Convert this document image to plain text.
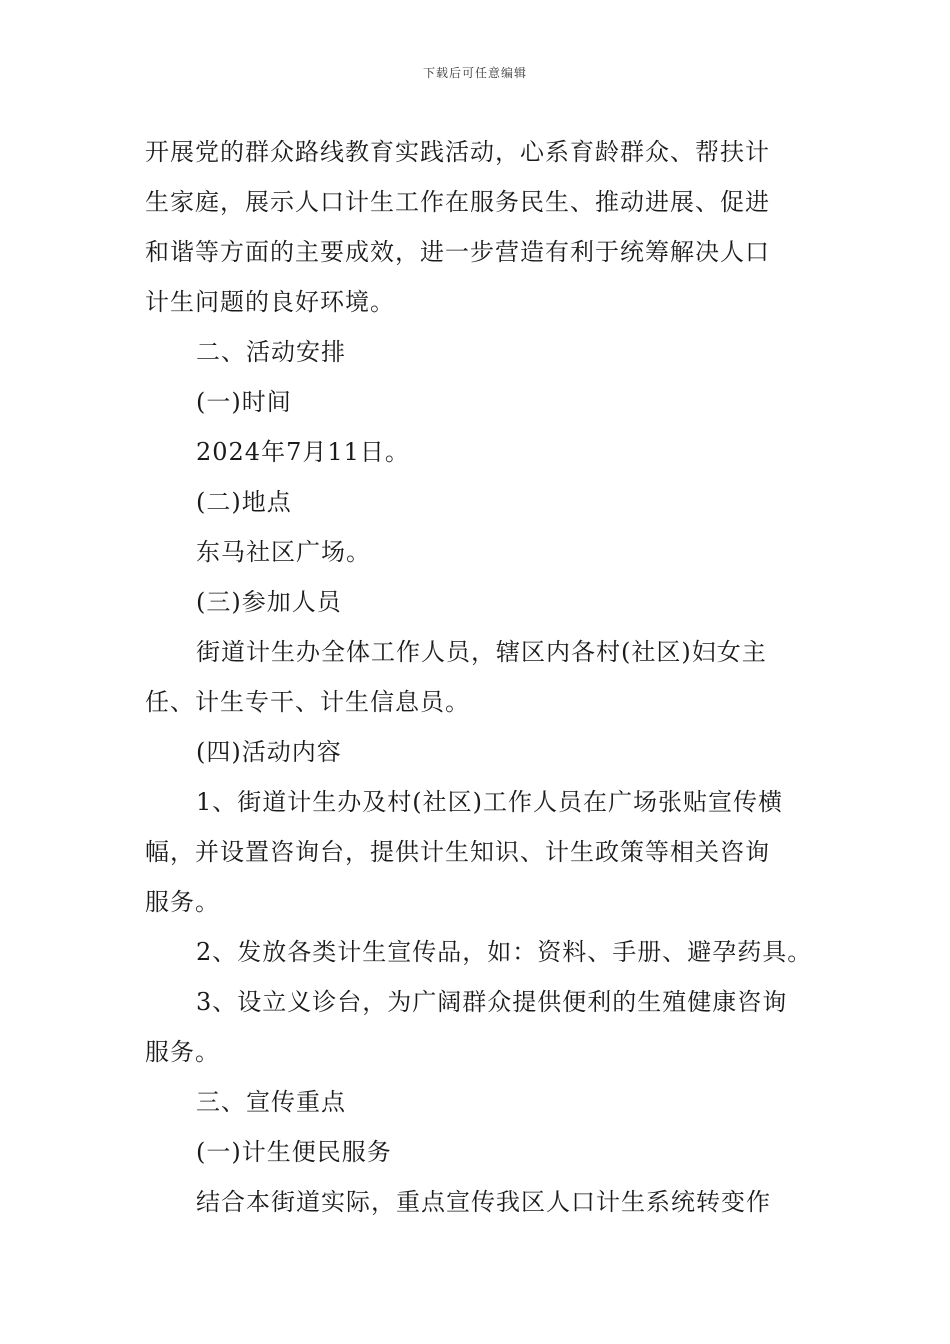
下载后可任意编辑
开展党的群众路线教育实践活动，心系育龄群众、帮扶计
生家庭，展示人口计生工作在服务民生、推动进展、促进
和谐等方面的主要成效，进一步营造有利于统筹解决人口
计生问题的良好环境。
二、活动安排
(一)时间
2024年7月11日。
(二)地点
东马社区广场。
(三)参加人员
街道计生办全体工作人员，辖区内各村(社区)妇女主
任、计生专干、计生信息员。
(四)活动内容
1、街道计生办及村(社区)工作人员在广场张贴宣传横
幅，并设置咨询台，提供计生知识、计生政策等相关咨询
服务。
2、发放各类计生宣传品，如：资料、手册、避孕药具。
3、设立义诊台，为广阔群众提供便利的生殖健康咨询
服务。
三、宣传重点
(一)计生便民服务
结合本街道实际，重点宣传我区人口计生系统转变作
